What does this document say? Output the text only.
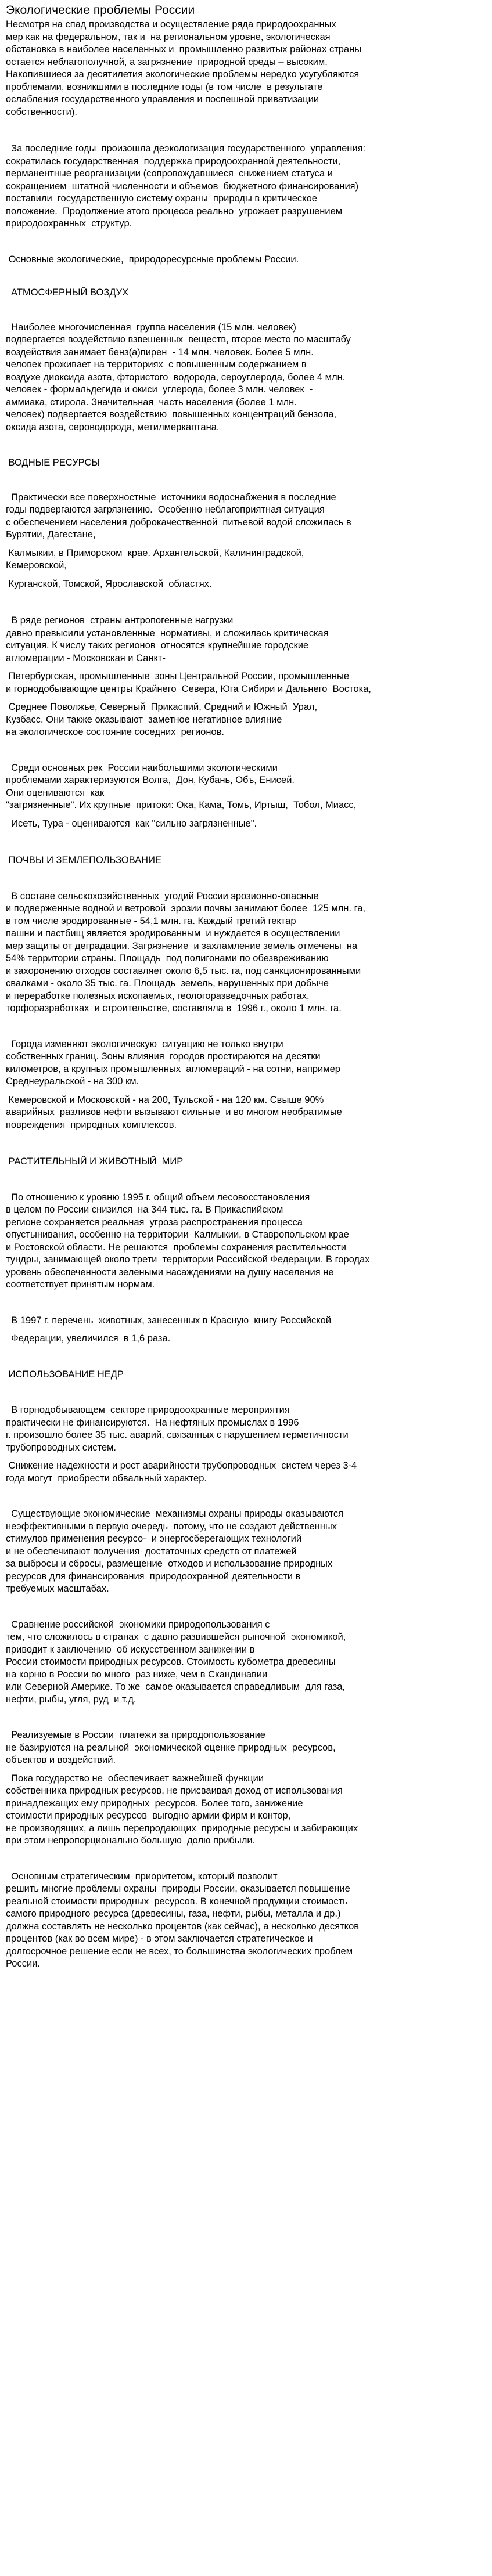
Экологические проблемы России

Несмотря на спад производства и осуществление ряда природоохранных
мер как на федеральном, так и  на региональном уровне, экологическая
обстановка в наиболее населенных и  промышленно развитых районах страны
остается неблагополучной, а загрязнение  природной среды – высоким.
Накопившиеся за десятилетия экологические проблемы нередко усугубляются
проблемами, возникшими в последние годы (в том числе  в результате
ослабления государственного управления и поспешной приватизации
собственности).

За последние годы  произошла деэкологизация государственного  управления:
сократилась государственная  поддержка природоохранной деятельности,
перманентные реорганизации (сопровождавшиеся  снижением статуса и
сокращением  штатной численности и объемов  бюджетного финансирования)
поставили  государственную систему охраны  природы в критическое
положение.  Продолжение этого процесса реально  угрожает разрушением
природоохранных  структур.

Основные экологические,  природоресурсные проблемы России.

АТМОСФЕРНЫЙ ВОЗДУХ

Наиболее многочисленная  группа населения (15 млн. человек)
подвергается воздействию взвешенных  веществ, второе место по масштабу
воздействия занимает бенз(а)пирен  - 14 млн. человек. Более 5 млн.
человек проживает на территориях  с повышенным содержанием в
воздухе диоксида азота, фтористого  водорода, сероуглерода, более 4 млн.
человек - формальдегида и окиси  углерода, более 3 млн. человек  -
аммиака, стирола. Значительная  часть населения (более 1 млн.
человек) подвергается воздействию  повышенных концентраций бензола,
оксида азота, сероводорода, метилмеркаптана.

ВОДНЫЕ РЕСУРСЫ

Практически все поверхностные  источники водоснабжения в последние
годы подвергаются загрязнению.  Особенно неблагоприятная ситуация
с обеспечением населения доброкачественной  питьевой водой сложилась в
Бурятии, Дагестане,

Калмыкии, в Приморском  крае. Архангельской, Калининградской,
Кемеровской,

Курганской, Томской, Ярославской  областях.

В ряде регионов  страны антропогенные нагрузки
давно превысили установленные  нормативы, и сложилась критическая
ситуация. К числу таких регионов  относятся крупнейшие городские
агломерации - Московская и Санкт-

Петербургская, промышленные  зоны Центральной России, промышленные
и горнодобывающие центры Крайнего  Севера, Юга Сибири и Дальнего  Востока,

Среднее Поволжье, Северный  Прикаспий, Средний и Южный  Урал,
Кузбасс. Они также оказывают  заметное негативное влияние
на экологическое состояние соседних  регионов.

Среди основных рек  России наибольшими экологическими
проблемами характеризуются Волга,  Дон, Кубань, Объ, Енисей.
Они оцениваются  как
"загрязненные". Их крупные  притоки: Ока, Кама, Томь, Иртыш,  Тобол, Миасс,

Исеть, Тура - оцениваются  как "сильно загрязненные".

ПОЧВЫ И ЗЕМЛЕПОЛЬЗОВАНИЕ

В составе сельскохозяйственных  угодий России эрозионно-опасные
и подверженные водной и ветровой  эрозии почвы занимают более  125 млн. га,
в том числе эродированные - 54,1 млн. га. Каждый третий гектар
пашни и пастбищ является эродированным  и нуждается в осуществлении
мер защиты от деградации. Загрязнение  и захламление земель отмечены  на
54% территории страны. Площадь  под полигонами по обезвреживанию
и захоронению отходов составляет около 6,5 тыс. га, под санкционированными
свалками - около 35 тыс. га. Площадь  земель, нарушенных при добыче
и переработке полезных ископаемых, геологоразведочных работах,
торфоразработках  и строительстве, составляла в  1996 г., около 1 млн. га.

Города изменяют экологическую  ситуацию не только внутри
собственных границ. Зоны влияния  городов простираются на десятки
километров, а крупных промышленных  агломераций - на сотни, например
Среднеуральской - на 300 км.

Кемеровской и Московской - на 200, Тульской - на 120 км. Свыше 90%
аварийных  разливов нефти вызывают сильные  и во многом необратимые
повреждения  природных комплексов.

РАСТИТЕЛЬНЫЙ И ЖИВОТНЫЙ  МИР

По отношению к уровню 1995 г. общий объем лесовосстановления
в целом по России снизился  на 344 тыс. га. В Прикаспийском
регионе сохраняется реальная  угроза распространения процесса
опустынивания, особенно на территории  Калмыкии, в Ставропольском крае
и Ростовской области. Не решаются  проблемы сохранения растительности
тундры, занимающей около трети  территории Российской Федерации. В городах
уровень обеспеченности зелеными насаждениями на душу населения не
соответствует принятым нормам.

В 1997 г. перечень  животных, занесенных в Красную  книгу Российской

Федерации, увеличился  в 1,6 раза.

ИСПОЛЬЗОВАНИЕ НЕДР

В горнодобывающем  секторе природоохранные мероприятия
практически не финансируются.  На нефтяных промыслах в 1996
г. произошло более 35 тыс. аварий, связанных с нарушением герметичности
трубопроводных систем.

Снижение надежности и рост аварийности трубопроводных  систем через 3-4
года могут  приобрести обвальный характер.

Существующие экономические  механизмы охраны природы оказываются
неэффективными в первую очередь  потому, что не создают действенных
стимулов применения ресурсо-  и энергосберегающих технологий
и не обеспечивают получения  достаточных средств от платежей
за выбросы и сбросы, размещение  отходов и использование природных
ресурсов для финансирования  природоохранной деятельности в
требуемых масштабах.

Сравнение российской  экономики природопользования с
тем, что сложилось в странах  с давно развившейся рыночной  экономикой,
приводит к заключению  об искусственном занижении в
России стоимости природных ресурсов. Стоимость кубометра древесины
на корню в России во много  раз ниже, чем в Скандинавии
или Северной Америке. То же  самое оказывается справедливым  для газа,
нефти, рыбы, угля, руд  и т.д.

Реализуемые в России  платежи за природопользование
не базируются на реальной  экономической оценке природных  ресурсов,
объектов и воздействий.

Пока государство не  обеспечивает важнейшей функции
собственника природных ресурсов, не присваивая доход от использования
принадлежащих ему природных  ресурсов. Более того, занижение
стоимости природных ресурсов  выгодно армии фирм и контор,
не производящих, а лишь перепродающих  природные ресурсы и забирающих
при этом непропорционально большую  долю прибыли.

Основным стратегическим  приоритетом, который позволит
решить многие проблемы охраны  природы России, оказывается повышение
реальной стоимости природных  ресурсов. В конечной продукции стоимость
самого природного ресурса (древесины, газа, нефти, рыбы, металла и др.)
должна составлять не несколько процентов (как сейчас), а несколько десятков
процентов (как во всем мире) - в этом заключается стратегическое и
долгосрочное решение если не всех, то большинства экологических проблем
России.
